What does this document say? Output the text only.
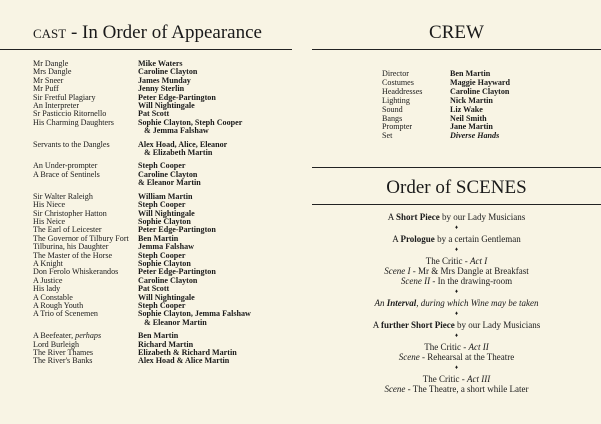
cast - In Order of Appearance
Mr Dangle	Mike Waters
Mrs Dangle	Caroline Clayton
Mr Sneer	James Munday
Mr Puff	Jenny Sterlin
Sir Fretful Plagiary	Peter Edge-Partington
An Interpreter	Will Nightingale
Sr Pasticcio Ritornello	Pat Scott
His Charming Daughters	Sophie Clayton, Steph Cooper
& Jemma Falshaw
Servants to the Dangles	Alex Hoad, Alice, Eleanor
& Elizabeth Martin
An Under-prompter	Steph Cooper
A Brace of Sentinels	Caroline Clayton
& Eleanor Martin
Sir Walter Raleigh	William Martin
His Niece	Steph Cooper
Sir Christopher Hatton	Will Nightingale
His Neice	Sophie Clayton
The Earl of Leicester	Peter Edge-Partington
The Governor of Tilbury Fort	Ben Martin
Tilburina, his Daughter	Jemma Falshaw
The Master of the Horse	Steph Cooper
A Knight	Sophie Clayton
Don Ferolo Whiskerandos	Peter Edge-Partington
A Justice	Caroline Clayton
His lady	Pat Scott
A Constable	Will Nightingale
A Rough Youth	Steph Cooper
A Trio of Scenemen	Sophie Clayton, Jemma Falshaw
& Eleanor Martin
A Beefeater, perhaps	Ben Martin
Lord Burleigh	Richard Martin
The River Thames	Elizabeth & Richard Martin
The River's Banks	Alex Hoad & Alice Martin
CREW
Director	Ben Martin
Costumes	Maggie Hayward
Headdresses	Caroline Clayton
Lighting	Nick Martin
Sound	Liz Wake
Bangs	Neil Smith
Prompter	Jane Martin
Set	Diverse Hands
Order of SCENES
A Short Piece by our Lady Musicians
♦
A Prologue by a certain Gentleman
♦
The Critic - Act I
Scene I - Mr & Mrs Dangle at Breakfast
Scene II - In the drawing-room
♦
An Interval, during which Wine may be taken
♦
A further Short Piece by our Lady Musicians
♦
The Critic - Act II
Scene - Rehearsal at the Theatre
♦
The Critic - Act III
Scene - The Theatre, a short while Later
